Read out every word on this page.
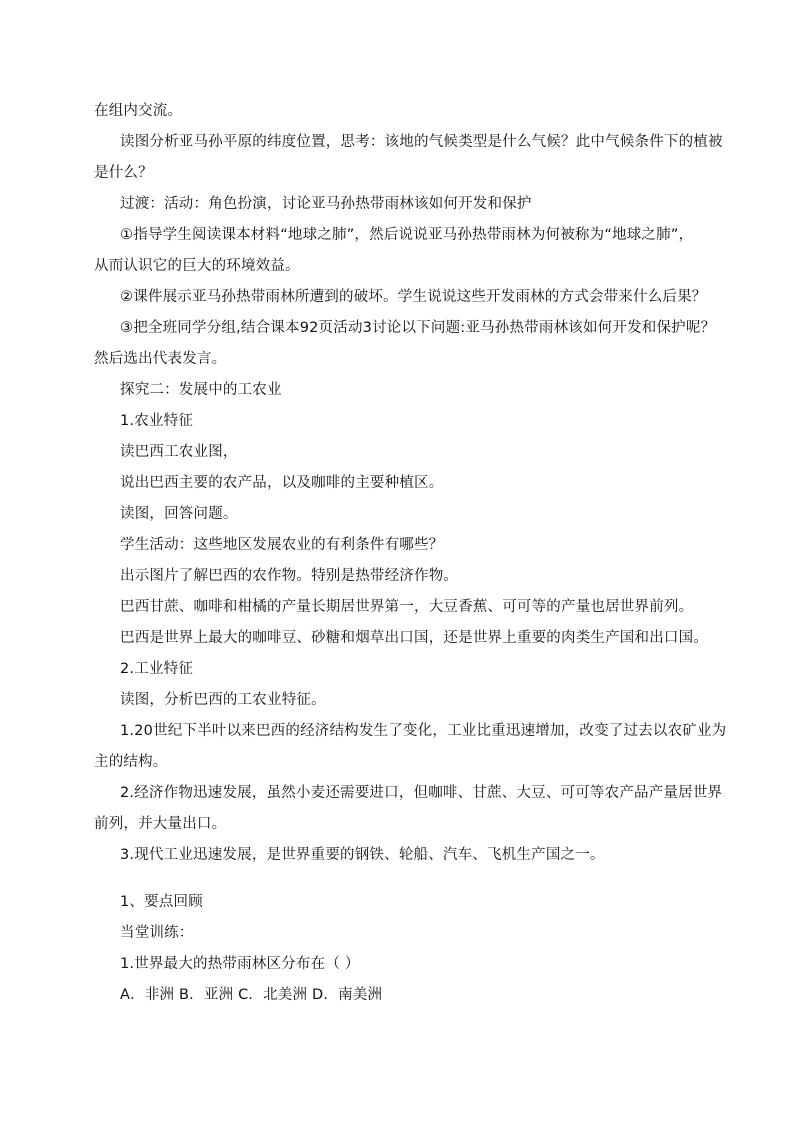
在组内交流。
读图分析亚马孙平原的纬度位置，思考：该地的气候类型是什么气候？此中气候条件下的植被
是什么？
过渡：活动：角色扮演，讨论亚马孙热带雨林该如何开发和保护
①指导学生阅读课本材料“地球之肺”，然后说说亚马孙热带雨林为何被称为“地球之肺”，
从而认识它的巨大的环境效益。
②课件展示亚马孙热带雨林所遭到的破坏。学生说说这些开发雨林的方式会带来什么后果？
③把全班同学分组,结合课本92页活动3讨论以下问题:亚马孙热带雨林该如何开发和保护呢？
然后选出代表发言。
探究二：发展中的工农业
1.农业特征
读巴西工农业图，
说出巴西主要的农产品，以及咖啡的主要种植区。
读图，回答问题。
学生活动：这些地区发展农业的有利条件有哪些？
出示图片了解巴西的农作物。特别是热带经济作物。
巴西甘蔗、咖啡和柑橘的产量长期居世界第一，大豆香蕉、可可等的产量也居世界前列。
巴西是世界上最大的咖啡豆、砂糖和烟草出口国，还是世界上重要的肉类生产国和出口国。
2.工业特征
读图，分析巴西的工农业特征。
1.20世纪下半叶以来巴西的经济结构发生了变化，工业比重迅速增加，改变了过去以农矿业为
主的结构。
2.经济作物迅速发展，虽然小麦还需要进口，但咖啡、甘蔗、大豆、可可等农产品产量居世界
前列，并大量出口。
3.现代工业迅速发展，是世界重要的钢铁、轮船、汽车、飞机生产国之一。
1、要点回顾
当堂训练：
1.世界最大的热带雨林区分布在（ ）
A．非洲 B．亚洲 C．北美洲 D．南美洲
